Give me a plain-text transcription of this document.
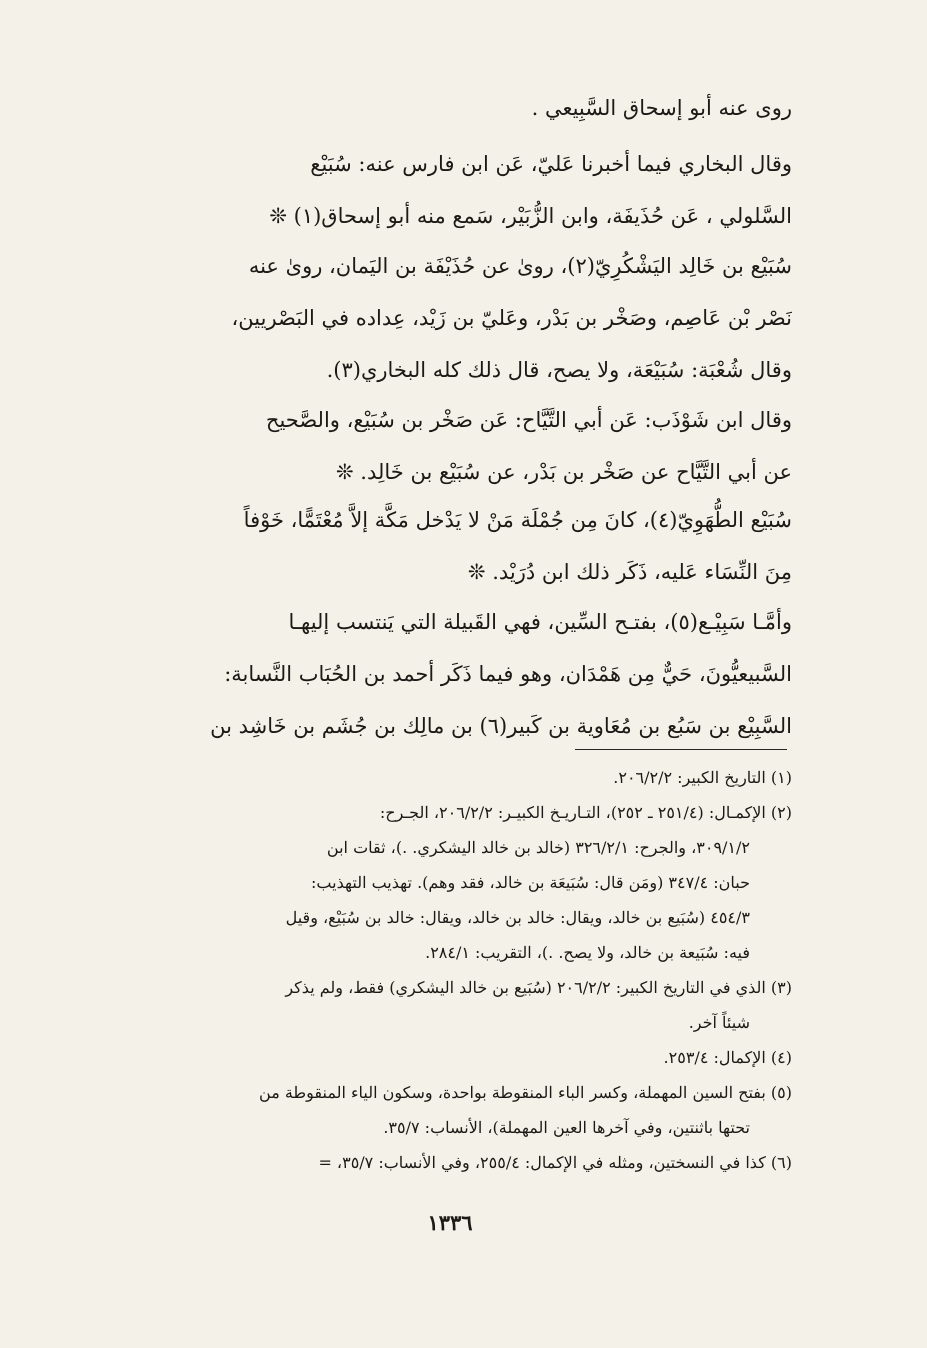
روى عنه أبو إسحاق السَّبِيعي .
وقال البخاري فيما أخبرنا عَليّ، عَن ابن فارس عنه: سُبَيْع
السَّلولي ، عَن حُذَيفَة، وابن الزُّبَيْر، سَمع منه أبو إسحاق(١) ❊
سُبَيْع بن خَالِد اليَشْكُرِيّ(٢)، روىٰ عن حُذَيْفَة بن اليَمان، روىٰ عنه
نَصْر بْن عَاصِم، وصَخْر بن بَدْر، وعَليّ بن زَيْد، عِداده في البَصْريين،
وقال شُعْبَة: سُبَيْعَة، ولا يصح، قال ذلك كله البخاري(٣).
وقال ابن شَوْذَب: عَن أبي التَّيَّاح: عَن صَخْر بن سُبَيْع، والصَّحيح
عن أبي التَّيَّاح عن صَخْر بن بَدْر، عن سُبَيْع بن خَالِد. ❊
سُبَيْع الطُّهَوِيّ(٤)، كانَ مِن جُمْلَة مَنْ لا يَدْخل مَكَّة إلاَّ مُعْتَمًّا، خَوْفاً
مِنَ النِّسَاء عَليه، ذَكَر ذلك ابن دُرَيْد. ❊
وأمَّـا سَبِيْـع(٥)، بفتـح السِّين، فهي القَبيلة التي يَنتسب إليهـا
السَّبيعيُّونَ، حَيٌّ مِن هَمْدَان، وهو فيما ذَكَر أحمد بن الحُبَاب النَّسابة:
السَّبِيْع بن سَبُع بن مُعَاوية بن كَبير(٦) بن مالِك بن جُشَم بن خَاشِد بن
(١) التاريخ الكبير: ٢٠٦/٢/٢.
(٢) الإكمـال: (٢٥١/٤ ـ ٢٥٢)، التـاريـخ الكبيـر: ٢٠٦/٢/٢، الجـرح:
٣٠٩/١/٢، والجرح: ٣٢٦/٢/١ (خالد بن خالد اليشكري. .)، ثقات ابن
حبان: ٣٤٧/٤ (ومَن قال: سُبَيعَة بن خالد، فقد وهم). تهذيب التهذيب:
٤٥٤/٣ (سُبَيع بن خالد، ويقال: خالد بن خالد، ويقال: خالد بن سُبَيْع، وقيل
فيه: سُبَيعة بن خالد، ولا يصح. .)، التقريب: ٢٨٤/١.
(٣) الذي في التاريخ الكبير: ٢٠٦/٢/٢ (سُبَيع بن خالد اليشكري) فقط، ولم يذكر
شيئاً آخر.
(٤) الإكمال: ٢٥٣/٤.
(٥) بفتح السين المهملة، وكسر الباء المنقوطة بواحدة، وسكون الياء المنقوطة من
تحتها باثنتين، وفي آخرها العين المهملة)، الأنساب: ٣٥/٧.
(٦) كذا في النسختين، ومثله في الإكمال: ٢٥٥/٤، وفي الأنساب: ٣٥/٧، =
١٣٣٦
